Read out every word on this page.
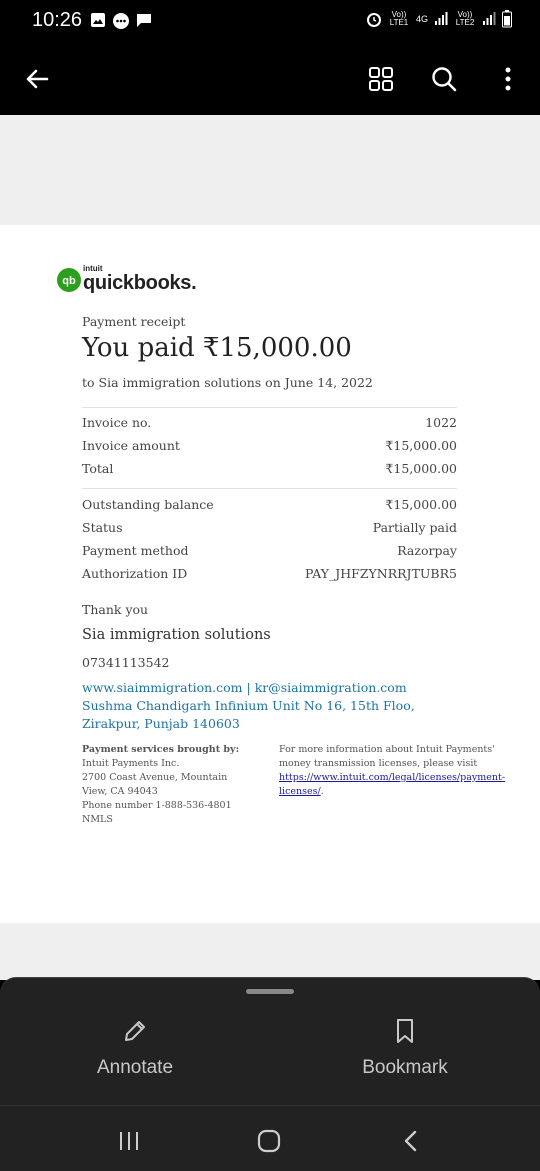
10:26	Vo)) LTE1 4G	Vo)) LTE2
qb
intuit
quickbooks.
Payment receipt
You paid ₹15,000.00
to Sia immigration solutions on June 14, 2022
Invoice no.	1022
Invoice amount	₹15,000.00
Total	₹15,000.00
Outstanding balance	₹15,000.00
Status	Partially paid
Payment method	Razorpay
Authorization ID	PAY_JHFZYNRRJTUBR5
Thank you
Sia immigration solutions
07341113542
www.siaimmigration.com | kr@siaimmigration.com
Sushma Chandigarh Infinium Unit No 16, 15th Floo,
Zirakpur, Punjab 140603
Payment services brought by:
Intuit Payments Inc.
2700 Coast Avenue, Mountain
View, CA 94043
Phone number 1-888-536-4801
NMLS
For more information about Intuit Payments' money transmission licenses, please visit
https://www.intuit.com/legal/licenses/payment-
licenses/.
Annotate	Bookmark
